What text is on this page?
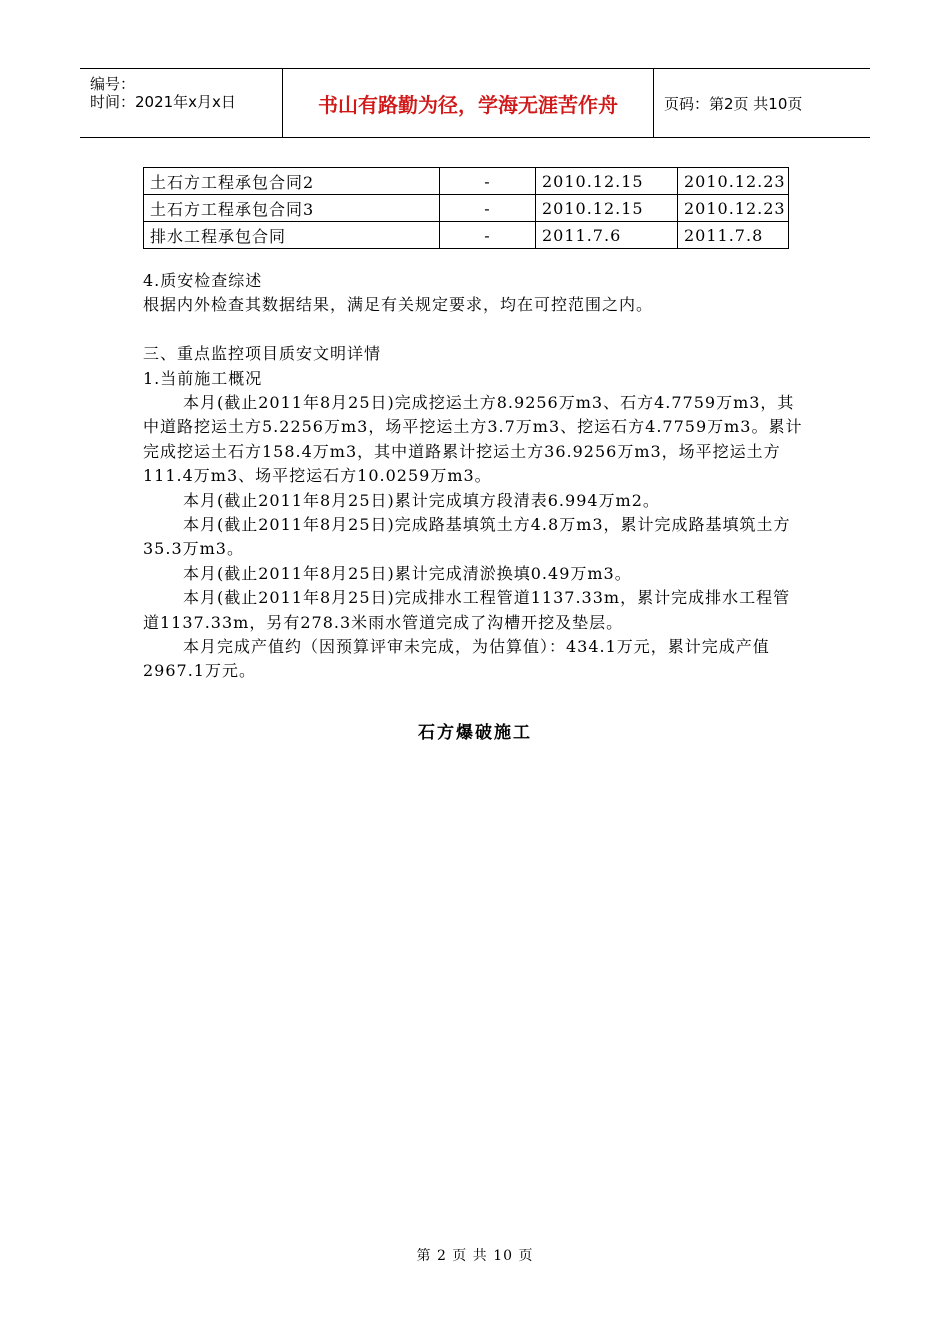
编号：
时间：2021年x月x日	书山有路勤为径，学海无涯苦作舟	页码：第2页 共10页
土石方工程承包合同2	-	2010.12.15	2010.12.23
土石方工程承包合同3	-	2010.12.15	2010.12.23
排水工程承包合同	-	2011.7.6	2011.7.8

4.质安检查综述

根据内外检查其数据结果，满足有关规定要求，均在可控范围之内。

三、重点监控项目质安文明详情

1.当前施工概况

本月(截止2011年8月25日)完成挖运土方8.9256万m3、石方4.7759万m3，其中道路挖运土方5.2256万m3，场平挖运土方3.7万m3、挖运石方4.7759万m3。累计完成挖运土石方158.4万m3，其中道路累计挖运土方36.9256万m3，场平挖运土方111.4万m3、场平挖运石方10.0259万m3。

本月(截止2011年8月25日)累计完成填方段清表6.994万m2。

本月(截止2011年8月25日)完成路基填筑土方4.8万m3，累计完成路基填筑土方35.3万m3。

本月(截止2011年8月25日)累计完成清淤换填0.49万m3。

本月(截止2011年8月25日)完成排水工程管道1137.33m，累计完成排水工程管道1137.33m，另有278.3米雨水管道完成了沟槽开挖及垫层。

本月完成产值约（因预算评审未完成，为估算值）：434.1万元，累计完成产值2967.1万元。

石方爆破施工
第 2 页 共 10 页
